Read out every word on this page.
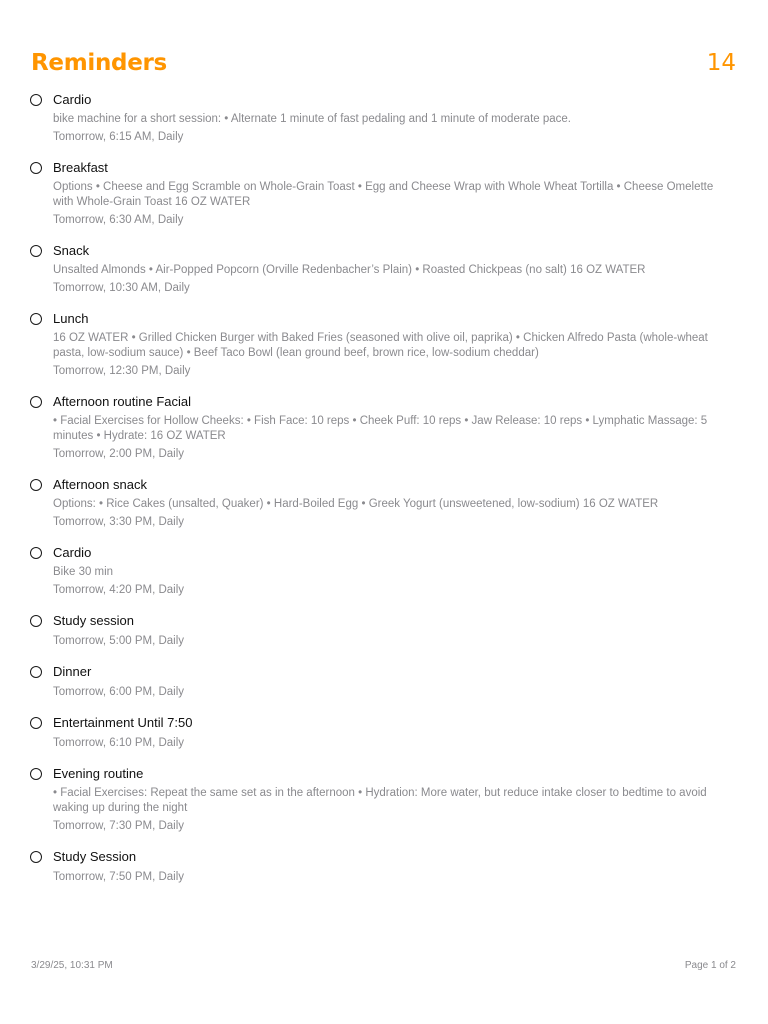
Reminders	14
Cardio
bike machine for a short session: • Alternate 1 minute of fast pedaling and 1 minute of moderate pace.
Tomorrow, 6:15 AM, Daily
Breakfast
Options • Cheese and Egg Scramble on Whole-Grain Toast • Egg and Cheese Wrap with Whole Wheat Tortilla • Cheese Omelette with Whole-Grain Toast 16 OZ WATER
Tomorrow, 6:30 AM, Daily
Snack
Unsalted Almonds • Air-Popped Popcorn (Orville Redenbacher’s Plain) • Roasted Chickpeas (no salt) 16 OZ WATER
Tomorrow, 10:30 AM, Daily
Lunch
16 OZ WATER • Grilled Chicken Burger with Baked Fries (seasoned with olive oil, paprika) • Chicken Alfredo Pasta (whole-wheat pasta, low-sodium sauce) • Beef Taco Bowl (lean ground beef, brown rice, low-sodium cheddar)
Tomorrow, 12:30 PM, Daily
Afternoon routine Facial
• Facial Exercises for Hollow Cheeks: • Fish Face: 10 reps • Cheek Puff: 10 reps • Jaw Release: 10 reps • Lymphatic Massage: 5 minutes • Hydrate: 16 OZ WATER
Tomorrow, 2:00 PM, Daily
Afternoon snack
Options: • Rice Cakes (unsalted, Quaker) • Hard-Boiled Egg • Greek Yogurt (unsweetened, low-sodium) 16 OZ WATER
Tomorrow, 3:30 PM, Daily
Cardio
Bike 30 min
Tomorrow, 4:20 PM, Daily
Study session
Tomorrow, 5:00 PM, Daily
Dinner
Tomorrow, 6:00 PM, Daily
Entertainment Until 7:50
Tomorrow, 6:10 PM, Daily
Evening routine
• Facial Exercises: Repeat the same set as in the afternoon • Hydration: More water, but reduce intake closer to bedtime to avoid waking up during the night
Tomorrow, 7:30 PM, Daily
Study Session
Tomorrow, 7:50 PM, Daily
3/29/25, 10:31 PM	Page 1 of 2
